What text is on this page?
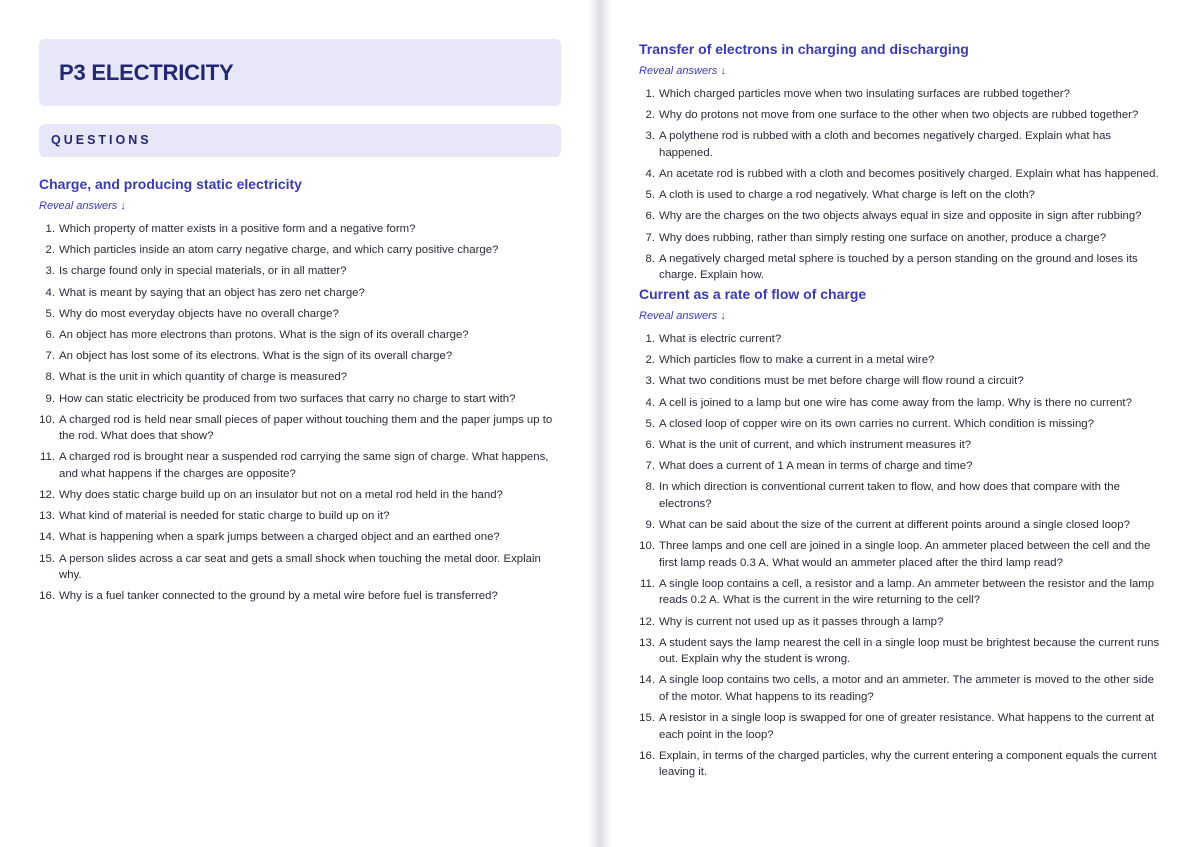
P3 ELECTRICITY
QUESTIONS
Charge, and producing static electricity
Reveal answers ↓
1. Which property of matter exists in a positive form and a negative form?
2. Which particles inside an atom carry negative charge, and which carry positive charge?
3. Is charge found only in special materials, or in all matter?
4. What is meant by saying that an object has zero net charge?
5. Why do most everyday objects have no overall charge?
6. An object has more electrons than protons. What is the sign of its overall charge?
7. An object has lost some of its electrons. What is the sign of its overall charge?
8. What is the unit in which quantity of charge is measured?
9. How can static electricity be produced from two surfaces that carry no charge to start with?
10. A charged rod is held near small pieces of paper without touching them and the paper jumps up to the rod. What does that show?
11. A charged rod is brought near a suspended rod carrying the same sign of charge. What happens, and what happens if the charges are opposite?
12. Why does static charge build up on an insulator but not on a metal rod held in the hand?
13. What kind of material is needed for static charge to build up on it?
14. What is happening when a spark jumps between a charged object and an earthed one?
15. A person slides across a car seat and gets a small shock when touching the metal door. Explain why.
16. Why is a fuel tanker connected to the ground by a metal wire before fuel is transferred?
Transfer of electrons in charging and discharging
Reveal answers ↓
1. Which charged particles move when two insulating surfaces are rubbed together?
2. Why do protons not move from one surface to the other when two objects are rubbed together?
3. A polythene rod is rubbed with a cloth and becomes negatively charged. Explain what has happened.
4. An acetate rod is rubbed with a cloth and becomes positively charged. Explain what has happened.
5. A cloth is used to charge a rod negatively. What charge is left on the cloth?
6. Why are the charges on the two objects always equal in size and opposite in sign after rubbing?
7. Why does rubbing, rather than simply resting one surface on another, produce a charge?
8. A negatively charged metal sphere is touched by a person standing on the ground and loses its charge. Explain how.
Current as a rate of flow of charge
Reveal answers ↓
1. What is electric current?
2. Which particles flow to make a current in a metal wire?
3. What two conditions must be met before charge will flow round a circuit?
4. A cell is joined to a lamp but one wire has come away from the lamp. Why is there no current?
5. A closed loop of copper wire on its own carries no current. Which condition is missing?
6. What is the unit of current, and which instrument measures it?
7. What does a current of 1 A mean in terms of charge and time?
8. In which direction is conventional current taken to flow, and how does that compare with the electrons?
9. What can be said about the size of the current at different points around a single closed loop?
10. Three lamps and one cell are joined in a single loop. An ammeter placed between the cell and the first lamp reads 0.3 A. What would an ammeter placed after the third lamp read?
11. A single loop contains a cell, a resistor and a lamp. An ammeter between the resistor and the lamp reads 0.2 A. What is the current in the wire returning to the cell?
12. Why is current not used up as it passes through a lamp?
13. A student says the lamp nearest the cell in a single loop must be brightest because the current runs out. Explain why the student is wrong.
14. A single loop contains two cells, a motor and an ammeter. The ammeter is moved to the other side of the motor. What happens to its reading?
15. A resistor in a single loop is swapped for one of greater resistance. What happens to the current at each point in the loop?
16. Explain, in terms of the charged particles, why the current entering a component equals the current leaving it.
